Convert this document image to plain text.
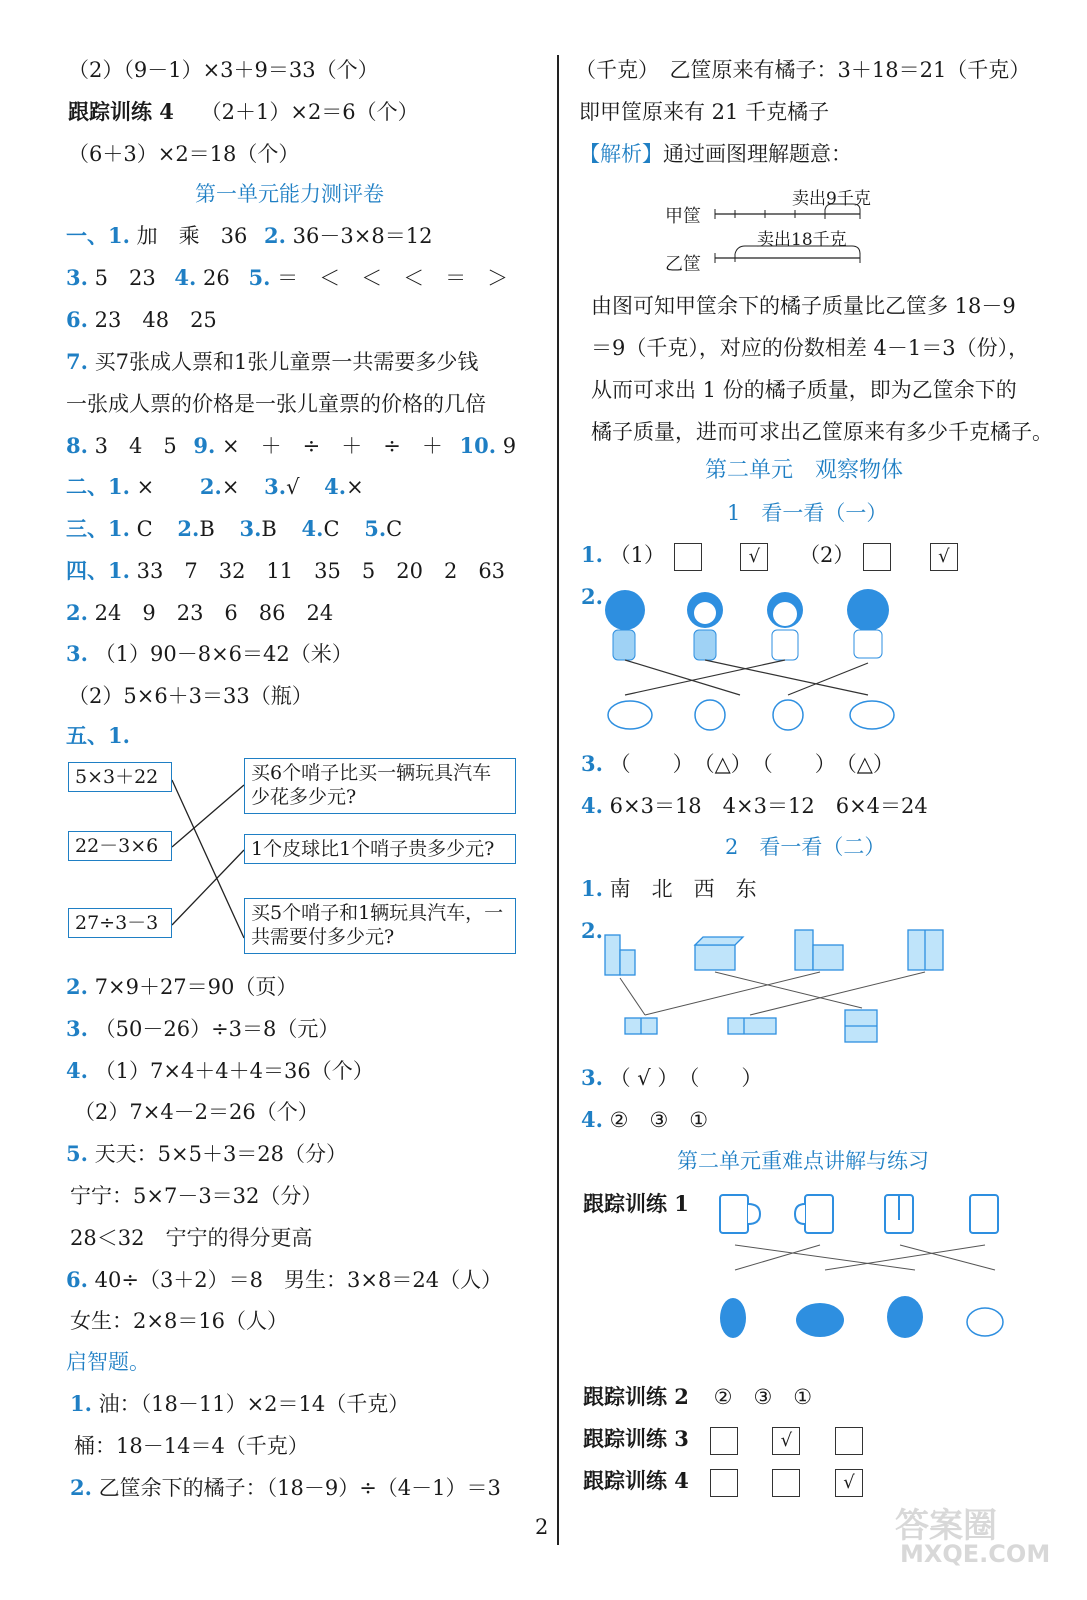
（2）（9－1）×3＋9＝33（个）
跟踪训练 4 （2＋1）×2＝6（个）
（6＋3）×2＝18（个）
第一单元能力测评卷
一、1. 加　乘　36 2. 36－3×8＝12
3. 5　23 4. 26 5. ＝　＜　＜　＜　＝　＞
6. 23　48　25
7. 买7张成人票和1张儿童票一共需要多少钱
一张成人票的价格是一张儿童票的价格的几倍
8. 3　4　5 9. ×　＋　÷　＋　÷　＋ 10. 9
二、1. ×　 2.× 3.√ 4.×
三、1. C 2.B 3.B 4.C 5.C
四、1. 33　7　32　11　35　5　20　2　63
2. 24　9　23　6　86　24
3. （1）90－8×6＝42（米）
（2）5×6＋3＝33（瓶）
五、1.
5×3＋22
22－3×6
27÷3－3
买6个哨子比买一辆玩具汽车少花多少元?
1个皮球比1个哨子贵多少元?
买5个哨子和1辆玩具汽车，一共需要付多少元?
2. 7×9＋27＝90（页）
3. （50－26）÷3＝8（元）
4. （1）7×4＋4＋4＝36（个）
（2）7×4－2＝26（个）
5. 天天：5×5＋3＝28（分）
宁宁：5×7－3＝32（分）
28＜32　宁宁的得分更高
6. 40÷（3＋2）＝8　男生：3×8＝24（人）
女生：2×8＝16（人）
启智题。
1. 油：（18－11）×2＝14（千克）
桶：18－14＝4（千克）
2. 乙筐余下的橘子：（18－9）÷（4－1）＝3
（千克）　乙筐原来有橘子：3＋18＝21（千克）
即甲筐原来有 21 千克橘子
【解析】通过画图理解题意：
甲筐
乙筐
卖出9千克
卖出18千克
由图可知甲筐余下的橘子质量比乙筐多 18－9
＝9（千克），对应的份数相差 4－1＝3（份），
从而可求出 1 份的橘子质量，即为乙筐余下的
橘子质量，进而可求出乙筐原来有多少千克橘子。
第二单元　观察物体
1　看一看（一）
1. （1）	√ （2）	√
2.
3. （　　）　（△）　（　　）　（△）
4. 6×3＝18　4×3＝12　6×4＝24
2　看一看（二）
1. 南　北　西　东
2.
3. （ √ ）　（　　）
4. ②　③　①
第二单元重难点讲解与练习
跟踪训练 1
跟踪训练 2 ②　③　①
跟踪训练 3	√
跟踪训练 4	√
2	答案圈
MXQE.COM
